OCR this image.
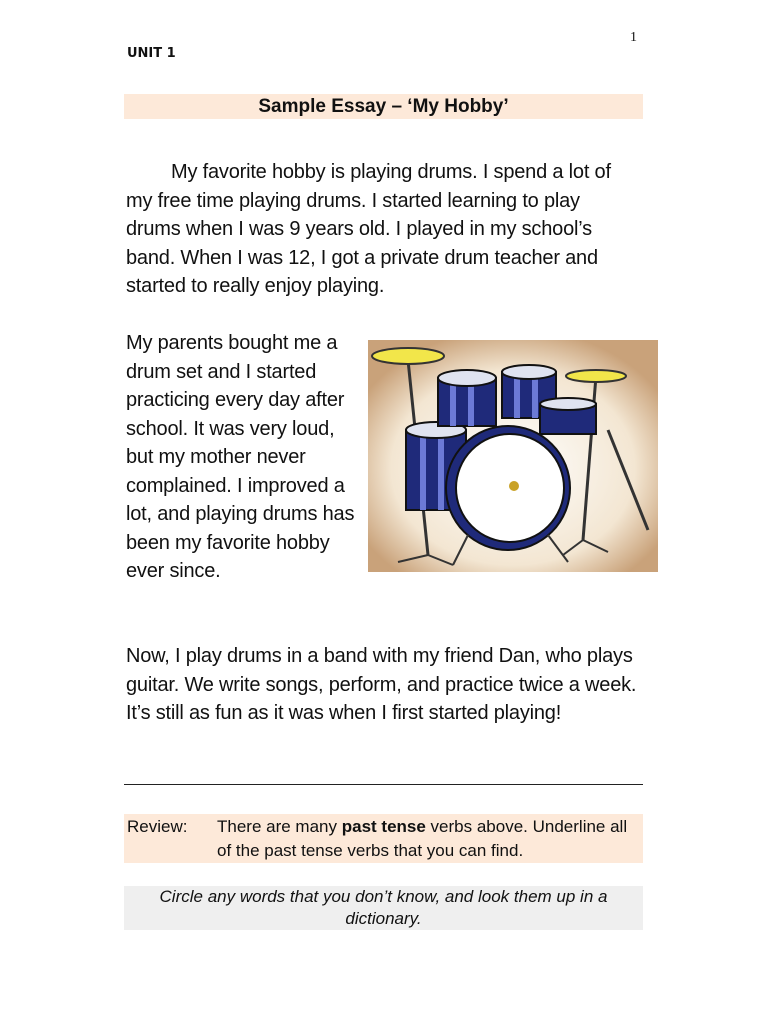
1
UNIT 1
Sample Essay – ‘My Hobby’

My favorite hobby is playing drums. I spend a lot of my free time playing drums. I started learning to play drums when I was 9 years old. I played in my school’s band. When I was 12, I got a private drum teacher and started to really enjoy playing.

My parents bought me a drum set and I started practicing every day after school. It was very loud, but my mother never complained. I improved a lot, and playing drums has been my favorite hobby ever since.

Now, I play drums in a band with my friend Dan, who plays guitar. We write songs, perform, and practice twice a week. It’s still as fun as it was when I first started playing!

Review: There are many past tense verbs above. Underline all of the past tense verbs that you can find.
Circle any words that you don’t know, and look them up in a dictionary.
